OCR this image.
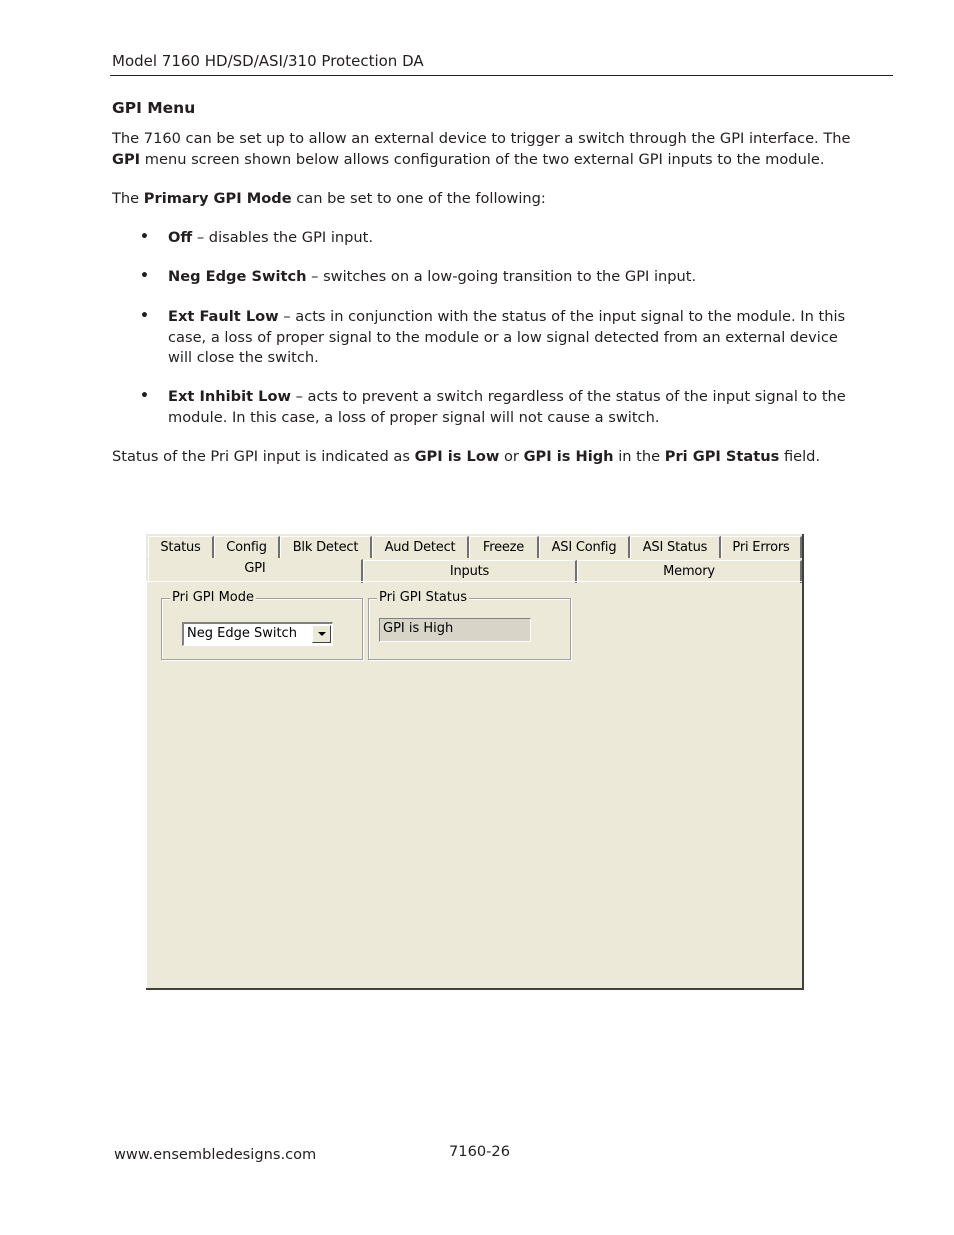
Model 7160 HD/SD/ASI/310 Protection DA
GPI Menu
The 7160 can be set up to allow an external device to trigger a switch through the GPI interface. The
GPI menu screen shown below allows configuration of the two external GPI inputs to the module.
The Primary GPI Mode can be set to one of the following:
• Off – disables the GPI input.
• Neg Edge Switch – switches on a low-going transition to the GPI input.
• Ext Fault Low – acts in conjunction with the status of the input signal to the module. In this case, a loss of proper signal to the module or a low signal detected from an external device will close the switch.
• Ext Inhibit Low – acts to prevent a switch regardless of the status of the input signal to the module. In this case, a loss of proper signal will not cause a switch.
Status of the Pri GPI input is indicated as GPI is Low or GPI is High in the Pri GPI Status field.
Status	Config	Blk Detect	Aud Detect	Freeze	ASI Config	ASI Status	Pri Errors
GPI	Inputs	Memory
Pri GPI Mode
Neg Edge Switch
Pri GPI Status
GPI is High
www.ensembledesigns.com	7160-26
